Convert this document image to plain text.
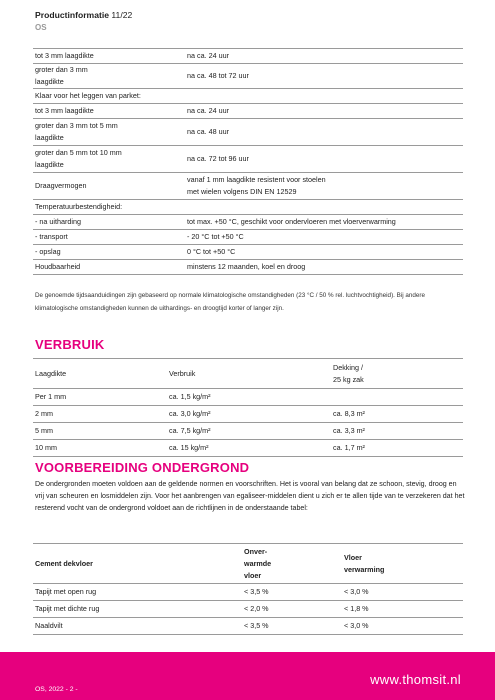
Productinformatie 11/22
OS
tot 3 mm laagdikte	na ca. 24 uur
groter dan 3 mm
laagdikte	na ca. 48 tot 72 uur
Klaar voor het leggen van parket:	
tot 3 mm laagdikte	na ca. 24 uur
groter dan 3 mm tot 5 mm
laagdikte	na ca. 48 uur
groter dan 5 mm tot 10 mm
laagdikte	na ca. 72 tot 96 uur
Draagvermogen	vanaf 1 mm laagdikte resistent voor stoelen
met wielen volgens DIN EN 12529
Temperatuurbestendigheid:	
- na uitharding	tot max. +50 °C, geschikt voor ondervloeren met vloerverwarming
- transport	- 20 °C tot +50 °C
- opslag	0 °C tot +50 °C
Houdbaarheid	minstens 12 maanden, koel en droog
De genoemde tijdsaanduidingen zijn gebaseerd op normale klimatologische omstandigheden (23 °C / 50 % rel. luchtvochtigheid). Bij andere klimatologische omstandigheden kunnen de uithardings- en droogtijd korter of langer zijn.
VERBRUIK
Laagdikte	Verbruik	Dekking /
25 kg zak
Per 1 mm	ca. 1,5 kg/m²	
2 mm	ca. 3,0 kg/m²	ca. 8,3 m²
5 mm	ca. 7,5 kg/m²	ca. 3,3 m²
10 mm	ca. 15 kg/m²	ca. 1,7 m²
VOORBEREIDING ONDERGROND
De ondergronden moeten voldoen aan de geldende normen en voorschriften. Het is vooral van belang dat ze schoon, stevig, droog en vrij van scheuren en losmiddelen zijn. Voor het aanbrengen van egaliseer-middelen dient u zich er te allen tijde van te verzekeren dat het resterend vocht van de ondergrond voldoet aan de richtlijnen in de onderstaande tabel:
Cement dekvloer	Onver-
warmde
vloer	Vloer
verwarming
Tapijt met open rug	< 3,5 %	< 3,0 %
Tapijt met dichte rug	< 2,0 %	< 1,8 %
Naaldvilt	< 3,5 %	< 3,0 %
OS, 2022 - 2 -
www.thomsit.nl
